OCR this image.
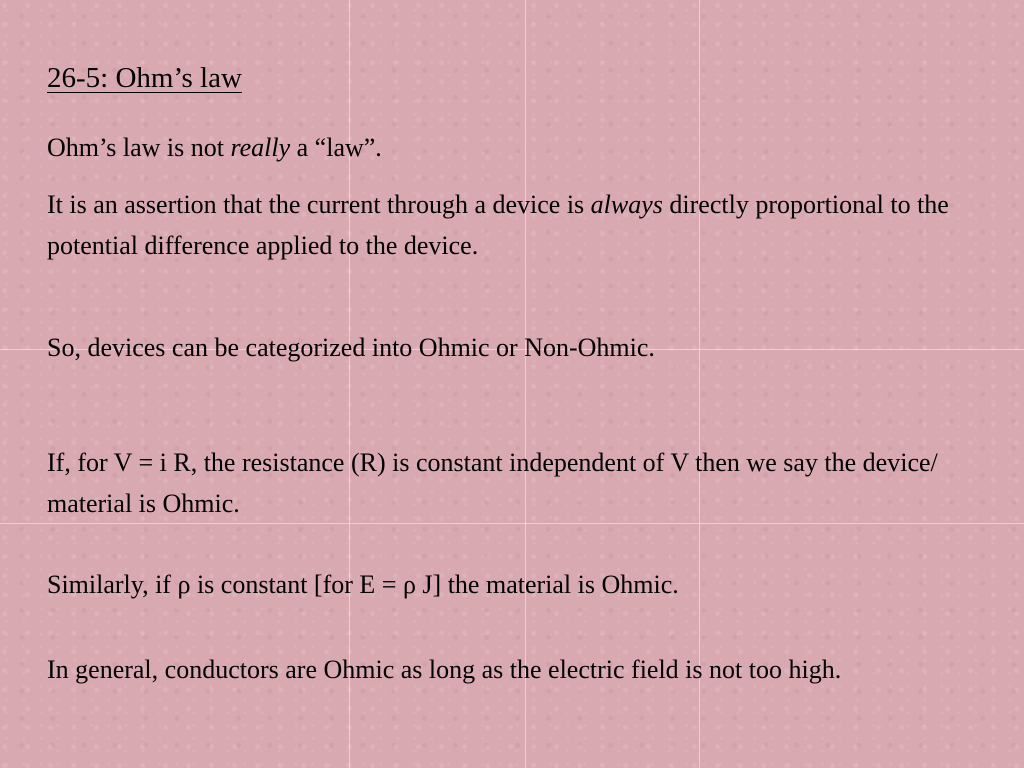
26-5: Ohm’s law

Ohm’s law is not really a “law”.

It is an assertion that the current through a device is always directly proportional to the potential difference applied to the device.

So, devices can be categorized into Ohmic or Non-Ohmic.

If, for V = i R, the resistance (R) is constant independent of V then we say the device/ material is Ohmic.

Similarly, if ρ is constant [for E = ρ J] the material is Ohmic.

In general, conductors are Ohmic as long as the electric field is not too high.
